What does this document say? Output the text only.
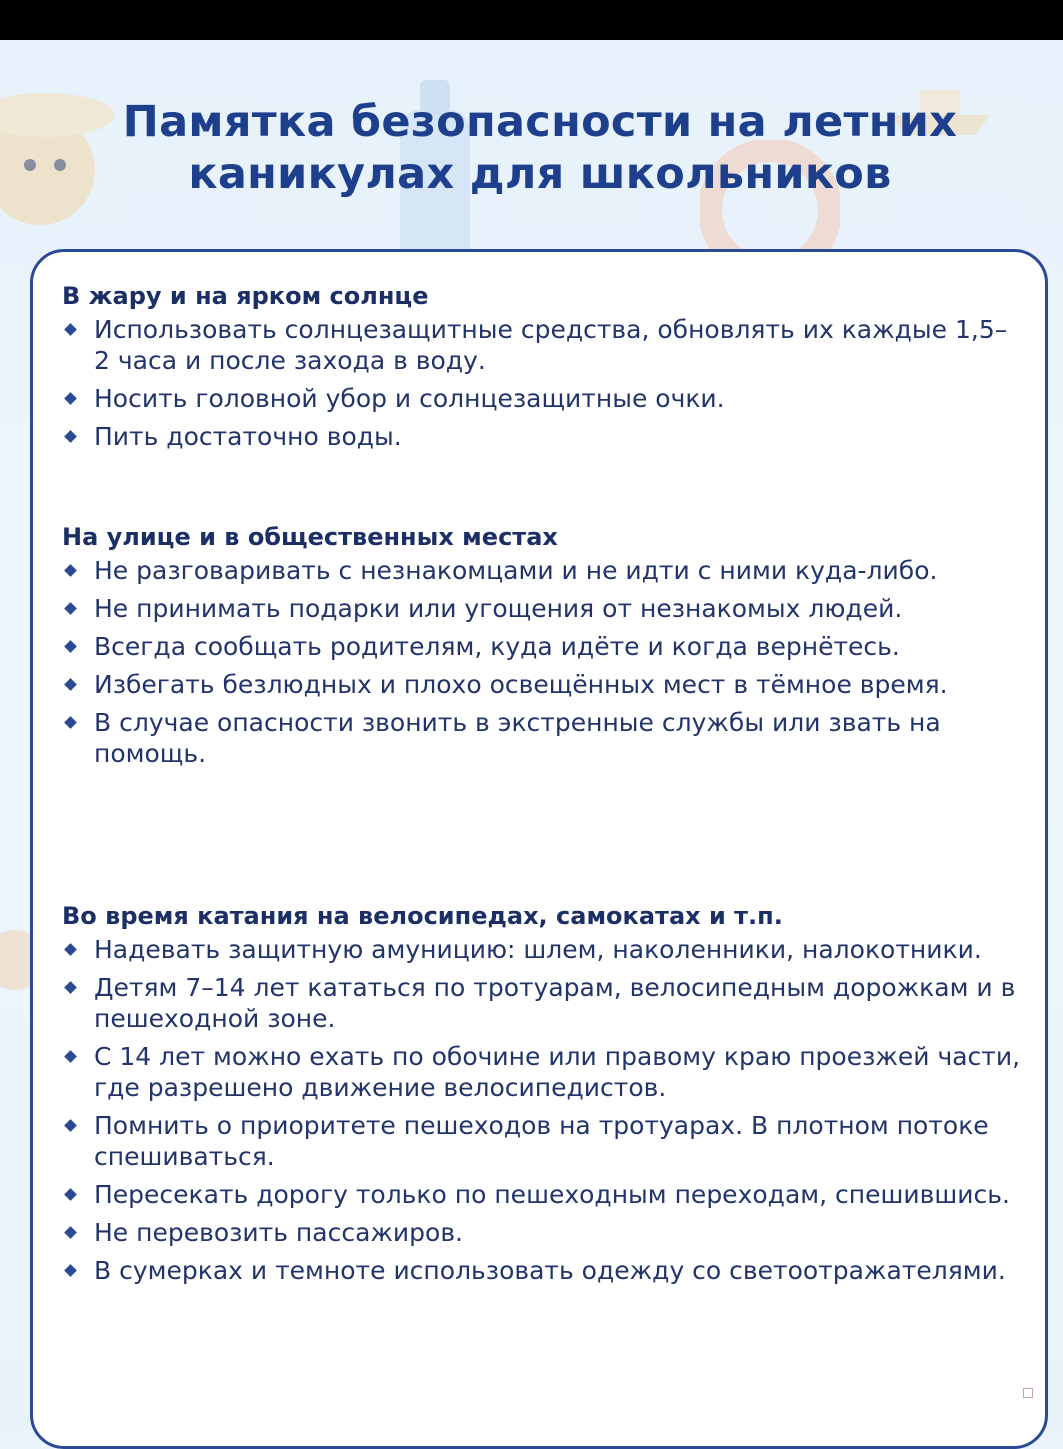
Памятка безопасности на летних
каникулах для школьников
В жару и на ярком солнце
Использовать солнцезащитные средства, обновлять их каждые 1,5–2 часа и после захода в воду.
Носить головной убор и солнцезащитные очки.
Пить достаточно воды.
На улице и в общественных местах
Не разговаривать с незнакомцами и не идти с ними куда-либо.
Не принимать подарки или угощения от незнакомых людей.
Всегда сообщать родителям, куда идёте и когда вернётесь.
Избегать безлюдных и плохо освещённых мест в тёмное время.
В случае опасности звонить в экстренные службы или звать на помощь.
Во время катания на велосипедах, самокатах и т.п.
Надевать защитную амуницию: шлем, наколенники, налокотники.
Детям 7–14 лет кататься по тротуарам, велосипедным дорожкам и в пешеходной зоне.
С 14 лет можно ехать по обочине или правому краю проезжей части, где разрешено движение велосипедистов.
Помнить о приоритете пешеходов на тротуарах. В плотном потоке спешиваться.
Пересекать дорогу только по пешеходным переходам, спешившись.
Не перевозить пассажиров.
В сумерках и темноте использовать одежду со светоотражателями.
